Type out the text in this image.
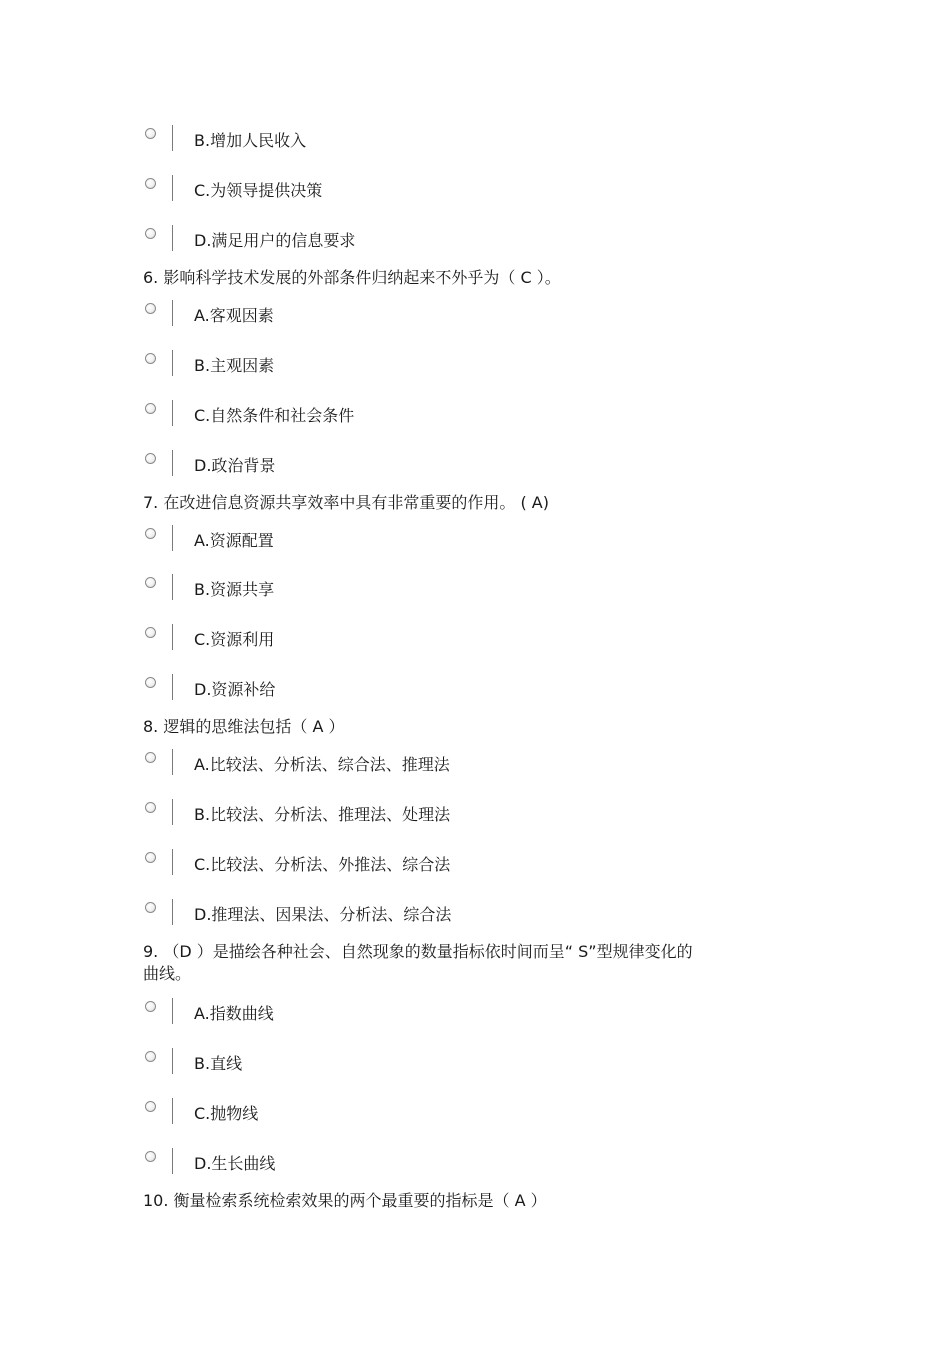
B.增加人民收入
C.为领导提供决策
D.满足用户的信息要求
6. 影响科学技术发展的外部条件归纳起来不外乎为（ C ）。
A.客观因素
B.主观因素
C.自然条件和社会条件
D.政治背景
7. 在改进信息资源共享效率中具有非常重要的作用。 ( A)
A.资源配置
B.资源共享
C.资源利用
D.资源补给
8. 逻辑的思维法包括（ A ）
A.比较法、分析法、综合法、推理法
B.比较法、分析法、推理法、处理法
C.比较法、分析法、外推法、综合法
D.推理法、因果法、分析法、综合法
9. （D ）是描绘各种社会、自然现象的数量指标依时间而呈“ S”型规律变化的
曲线。
A.指数曲线
B.直线
C.抛物线
D.生长曲线
10. 衡量检索系统检索效果的两个最重要的指标是（ A ）
